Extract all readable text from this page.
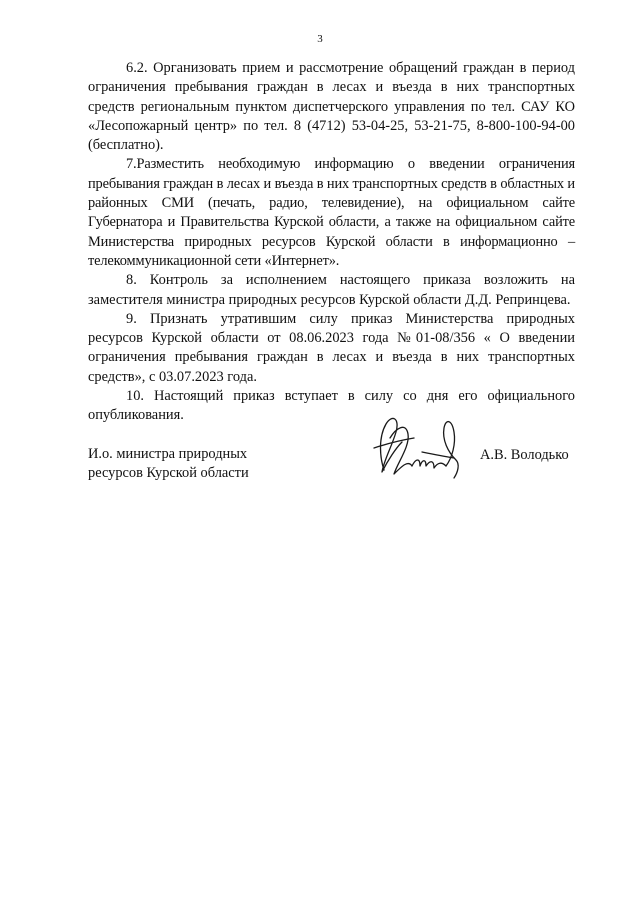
3

6.2. Организовать прием и рассмотрение обращений граждан в период ограничения пребывания граждан в лесах и въезда в них транспортных средств региональным пунктом диспетчерского управления по тел. САУ КО «Лесопожарный центр» по тел. 8 (4712) 53-04-25, 53-21-75, 8-800-100-94-00 (бесплатно).

7.Разместить необходимую информацию о введении ограничения пребывания граждан в лесах и въезда в них транспортных средств в областных и районных СМИ (печать, радио, телевидение), на официальном сайте Губернатора и Правительства Курской области, а также на официальном сайте Министерства природных ресурсов Курской области в информационно – телекоммуникационной сети «Интернет».

8. Контроль за исполнением настоящего приказа возложить на заместителя министра природных ресурсов Курской области Д.Д. Репринцева.

9. Признать утратившим силу приказ Министерства природных ресурсов Курской области от 08.06.2023 года №01-08/356 « О введении ограничения пребывания граждан в лесах и въезда в них транспортных средств», с 03.07.2023 года.

10. Настоящий приказ вступает в силу со дня его официального опубликования.

И.о. министра природных
ресурсов Курской области
А.В. Володько
